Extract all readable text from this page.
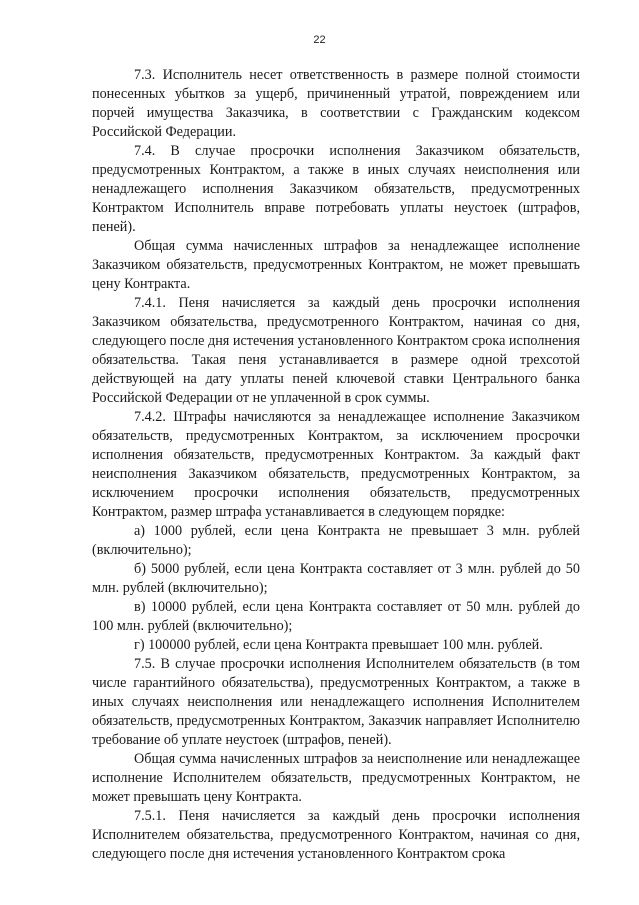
22

7.3. Исполнитель несет ответственность в размере полной стоимости понесенных убытков за ущерб, причиненный утратой, повреждением или порчей имущества Заказчика, в соответствии с Гражданским кодексом Российской Федерации.

7.4. В случае просрочки исполнения Заказчиком обязательств, предусмотренных Контрактом, а также в иных случаях неисполнения или ненадлежащего исполнения Заказчиком обязательств, предусмотренных Контрактом Исполнитель вправе потребовать уплаты неустоек (штрафов, пеней).

Общая сумма начисленных штрафов за ненадлежащее исполнение Заказчиком обязательств, предусмотренных Контрактом, не может превышать цену Контракта.

7.4.1. Пеня начисляется за каждый день просрочки исполнения Заказчиком обязательства, предусмотренного Контрактом, начиная со дня, следующего после дня истечения установленного Контрактом срока исполнения обязательства. Такая пеня устанавливается в размере одной трехсотой действующей на дату уплаты пеней ключевой ставки Центрального банка Российской Федерации от не уплаченной в срок суммы.

7.4.2. Штрафы начисляются за ненадлежащее исполнение Заказчиком обязательств, предусмотренных Контрактом, за исключением просрочки исполнения обязательств, предусмотренных Контрактом. За каждый факт неисполнения Заказчиком обязательств, предусмотренных Контрактом, за исключением просрочки исполнения обязательств, предусмотренных Контрактом, размер штрафа устанавливается в следующем порядке:

а) 1000 рублей, если цена Контракта не превышает 3 млн. рублей (включительно);

б) 5000 рублей, если цена Контракта составляет от 3 млн. рублей до 50 млн. рублей (включительно);

в) 10000 рублей, если цена Контракта составляет от 50 млн. рублей до 100 млн. рублей (включительно);

г) 100000 рублей, если цена Контракта превышает 100 млн. рублей.

7.5. В случае просрочки исполнения Исполнителем обязательств (в том числе гарантийного обязательства), предусмотренных Контрактом, а также в иных случаях неисполнения или ненадлежащего исполнения Исполнителем обязательств, предусмотренных Контрактом, Заказчик направляет Исполнителю требование об уплате неустоек (штрафов, пеней).

Общая сумма начисленных штрафов за неисполнение или ненадлежащее исполнение Исполнителем обязательств, предусмотренных Контрактом, не может превышать цену Контракта.

7.5.1. Пеня начисляется за каждый день просрочки исполнения Исполнителем обязательства, предусмотренного Контрактом, начиная со дня, следующего после дня истечения установленного Контрактом срока
